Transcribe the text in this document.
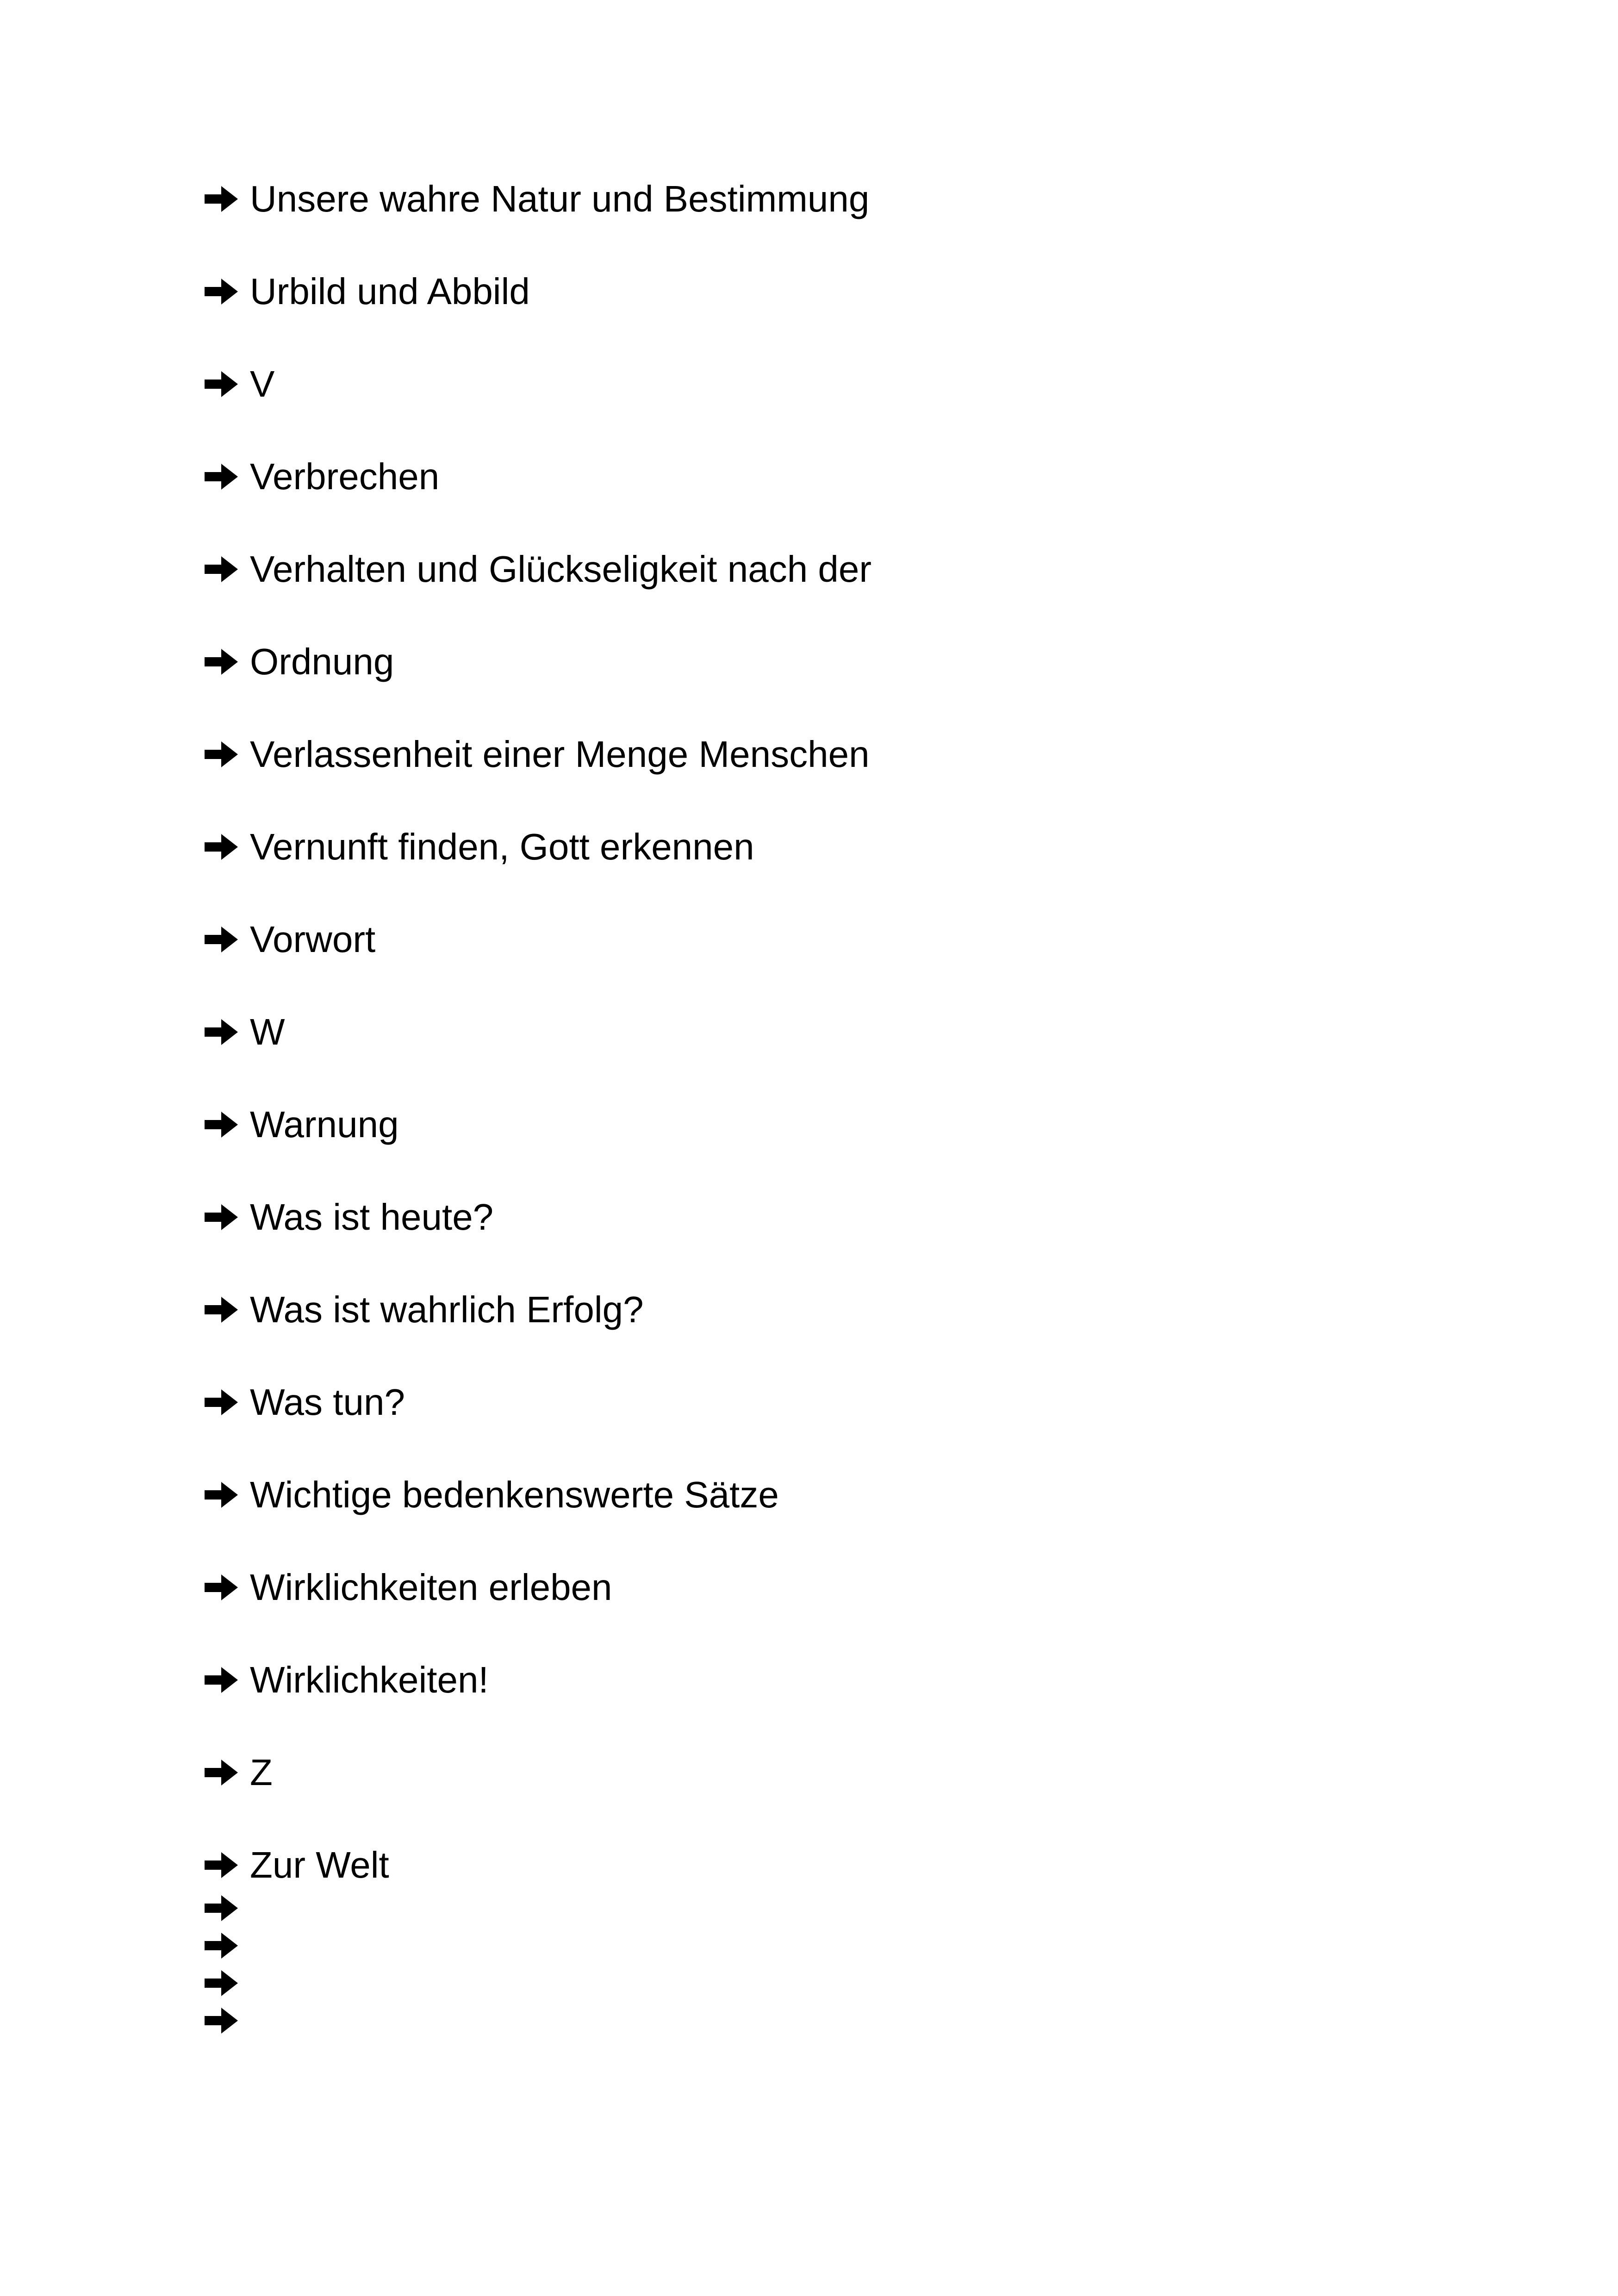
Unsere wahre Natur und Bestimmung
Urbild und Abbild
V
Verbrechen
Verhalten und Glückseligkeit nach der
Ordnung
Verlassenheit einer Menge Menschen
Vernunft finden, Gott erkennen
Vorwort
W
Warnung
Was ist heute?
Was ist wahrlich Erfolg?
Was tun?
Wichtige bedenkenswerte Sätze
Wirklichkeiten erleben
Wirklichkeiten!
Z
Zur Welt
